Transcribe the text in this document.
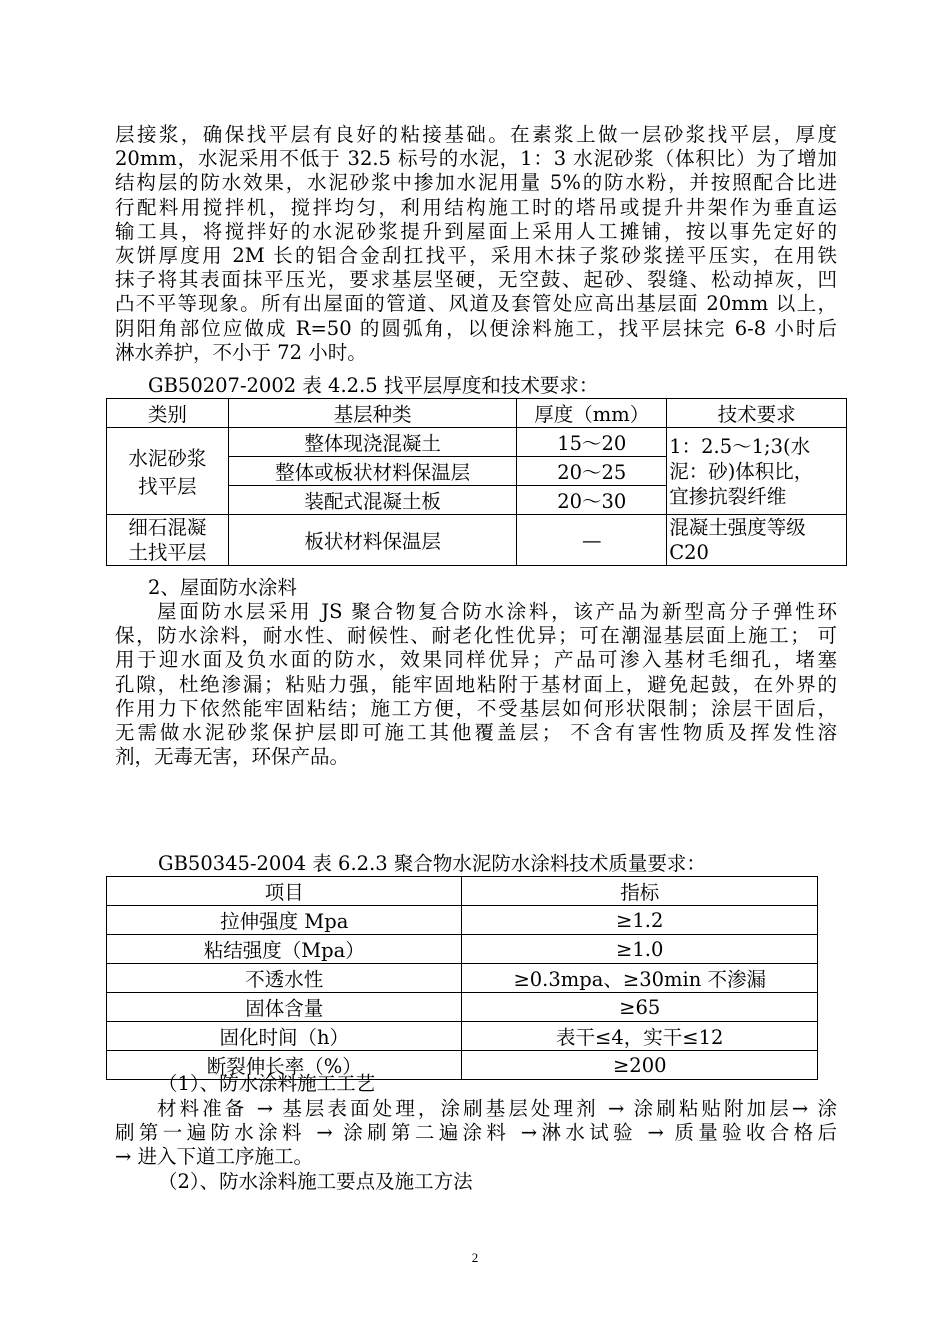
层接浆，确保找平层有良好的粘接基础。在素浆上做一层砂浆找平层，厚度
20mm，水泥采用不低于 32.5 标号的水泥，1：3 水泥砂浆（体积比）为了增加
结构层的防水效果，水泥砂浆中掺加水泥用量 5%的防水粉，并按照配合比进
行配料用搅拌机，搅拌均匀，利用结构施工时的塔吊或提升井架作为垂直运
输工具，将搅拌好的水泥砂浆提升到屋面上采用人工摊铺，按以事先定好的
灰饼厚度用 2M 长的铝合金刮扛找平，采用木抹子浆砂浆搓平压实，在用铁
抹子将其表面抹平压光，要求基层坚硬，无空鼓、起砂、裂缝、松动掉灰，凹
凸不平等现象。所有出屋面的管道、风道及套管处应高出基层面 20mm 以上，
阴阳角部位应做成 R=50 的圆弧角，以便涂料施工，找平层抹完 6-8 小时后
淋水养护，不小于 72 小时。
GB50207-2002 表 4.2.5 找平层厚度和技术要求：
类别	基层种类	厚度（mm）	技术要求

水泥砂浆
找平层	整体现浇混凝土	15～20	1：2.5～1;3(水
泥：砂)体积比，
宜掺抗裂纤维

	整体或板状材料保温层	20～25	
	装配式混凝土板	20～30	

细石混凝
土找平层	板状材料保温层	—	混凝土强度等级
C20
2、屋面防水涂料
屋面防水层采用 JS 聚合物复合防水涂料，该产品为新型高分子弹性环
保，防水涂料，耐水性、耐候性、耐老化性优异；可在潮湿基层面上施工； 可
用于迎水面及负水面的防水，效果同样优异；产品可渗入基材毛细孔，堵塞
孔隙，杜绝渗漏；粘贴力强，能牢固地粘附于基材面上，避免起鼓，在外界的
作用力下依然能牢固粘结；施工方便，不受基层如何形状限制；涂层干固后，
无需做水泥砂浆保护层即可施工其他覆盖层； 不含有害性物质及挥发性溶
剂，无毒无害，环保产品。
GB50345-2004 表 6.2.3 聚合物水泥防水涂料技术质量要求：
项目	指标
拉伸强度 Mpa	≥1.2
粘结强度（Mpa）	≥1.0
不透水性	≥0.3mpa、≥30min 不渗漏
固体含量	≥65
固化时间（h）	表干≤4，实干≤12
断裂伸长率（%）	≥200
（1）、防水涂料施工工艺
材料准备 → 基层表面处理，涂刷基层处理剂 → 涂刷粘贴附加层→ 涂
刷第一遍防水涂料 → 涂刷第二遍涂料 →淋水试验 → 质量验收合格后
→ 进入下道工序施工。
（2）、防水涂料施工要点及施工方法
2
